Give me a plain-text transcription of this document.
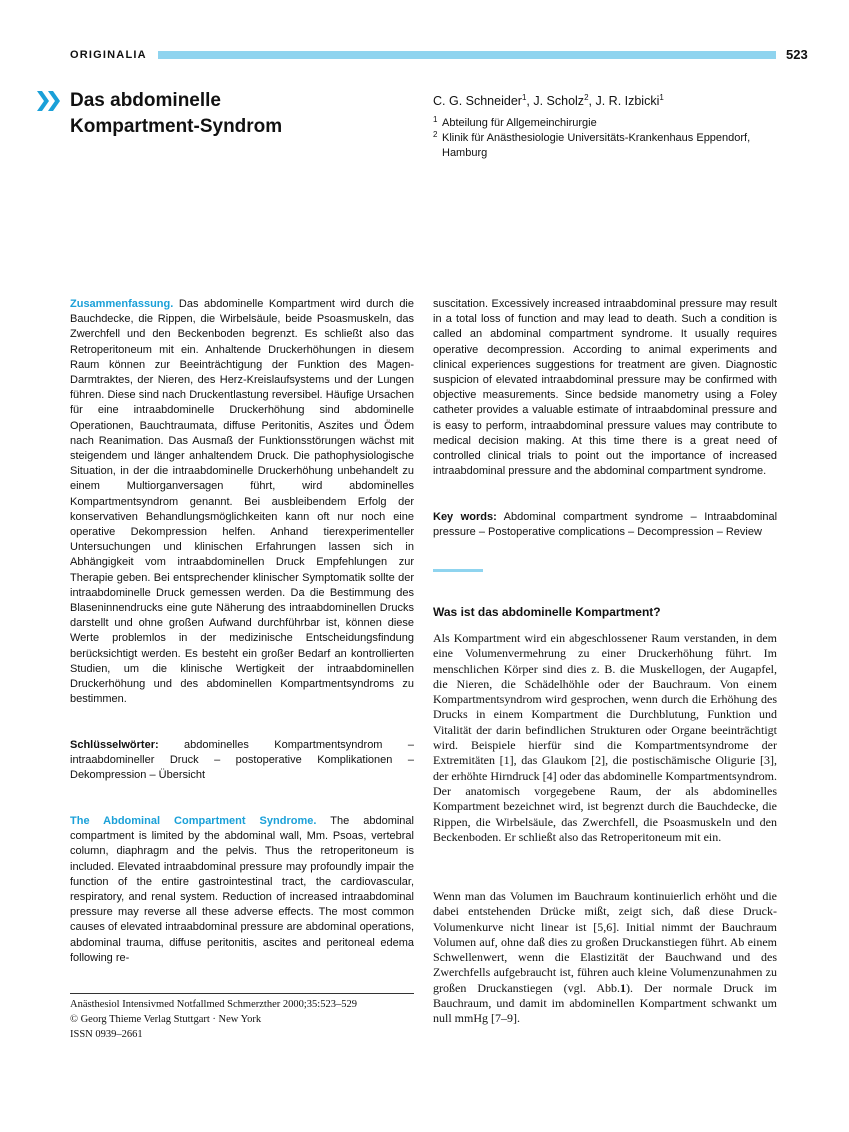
ORIGINALIA	523
Das abdominelle
Kompartment-Syndrom
C. G. Schneider$^1$, J. Scholz$^2$, J. R. Izbicki$^1$
1 Abteilung für Allgemeinchirurgie
2 Klinik für Anästhesiologie Universitäts-Krankenhaus Eppendorf, Hamburg

Zusammenfassung. Das abdominelle Kompartment wird durch die Bauchdecke, die Rippen, die Wirbelsäule, beide Psoasmuskeln, das Zwerchfell und den Beckenboden begrenzt. Es schließt also das Retroperitoneum mit ein. Anhaltende Druckerhöhungen in diesem Raum können zur Beeinträchtigung der Funktion des Magen-Darmtraktes, der Nieren, des Herz-Kreislaufsystems und der Lungen führen. Diese sind nach Druckentlastung reversibel. Häufige Ursachen für eine intraabdominelle Druckerhöhung sind abdominelle Operationen, Bauchtraumata, diffuse Peritonitis, Aszites und Ödem nach Reanimation. Das Ausmaß der Funktionsstörungen wächst mit steigendem und länger anhaltendem Druck. Die pathophysiologische Situation, in der die intraabdominelle Druckerhöhung unbehandelt zu einem Multiorganversagen führt, wird abdominelles Kompartmentsyndrom genannt. Bei ausbleibendem Erfolg der konservativen Behandlungsmöglichkeiten kann oft nur noch eine operative Dekompression helfen. Anhand tierexperimenteller Untersuchungen und klinischen Erfahrungen lassen sich in Abhängigkeit vom intraabdominellen Druck Empfehlungen zur Therapie geben. Bei entsprechender klinischer Symptomatik sollte der intraabdominelle Druck gemessen werden. Da die Bestimmung des Blaseninnendrucks eine gute Näherung des intraabdominellen Drucks darstellt und ohne großen Aufwand durchführbar ist, können diese Werte problemlos in der medizinische Entscheidungsfindung berücksichtigt werden. Es besteht ein großer Bedarf an kontrollierten Studien, um die klinische Wertigkeit der intraabdominellen Druckerhöhung und des abdominellen Kompartmentsyndroms zu bestimmen.

Schlüsselwörter: abdominelles Kompartmentsyndrom – intraabdomineller Druck – postoperative Komplikationen – Dekompression – Übersicht

The Abdominal Compartment Syndrome. The abdominal compartment is limited by the abdominal wall, Mm. Psoas, vertebral column, diaphragm and the pelvis. Thus the retroperitoneum is included. Elevated intraabdominal pressure may profoundly impair the function of the entire gastrointestinal tract, the cardiovascular, respiratory, and renal system. Reduction of increased intraabdominal pressure may reverse all these adverse effects. The most common causes of elevated intraabdominal pressure are abdominal operations, abdominal trauma, diffuse peritonitis, ascites and peritoneal edema following re-

Anästhesiol Intensivmed Notfallmed Schmerzther 2000;35:523–529
© Georg Thieme Verlag Stuttgart · New York
ISSN 0939–2661

suscitation. Excessively increased intraabdominal pressure may result in a total loss of function and may lead to death. Such a condition is called an abdominal compartment syndrome. It usually requires operative decompression. According to animal experiments and clinical experiences suggestions for treatment are given. Diagnostic suspicion of elevated intraabdominal pressure may be confirmed with objective measurements. Since bedside manometry using a Foley catheter provides a valuable estimate of intraabdominal pressure and is easy to perform, intraabdominal pressure values may contribute to medical decision making. At this time there is a great need of controlled clinical trials to point out the importance of increased intraabdominal pressure and the abdominal compartment syndrome.

Key words: Abdominal compartment syndrome – Intraabdominal pressure – Postoperative complications – Decompression – Review

Was ist das abdominelle Kompartment?

Als Kompartment wird ein abgeschlossener Raum verstanden, in dem eine Volumenvermehrung zu einer Druckerhöhung führt. Im menschlichen Körper sind dies z. B. die Muskellogen, der Augapfel, die Nieren, die Schädelhöhle oder der Bauchraum. Von einem Kompartmentsyndrom wird gesprochen, wenn durch die Erhöhung des Drucks in einem Kompartment die Durchblutung, Funktion und Vitalität der darin befindlichen Strukturen oder Organe beeinträchtigt wird. Beispiele hierfür sind die Kompartmentsyndrome der Extremitäten [1], das Glaukom [2], die postischämische Oligurie [3], der erhöhte Hirndruck [4] oder das abdominelle Kompartmentsyndrom. Der anatomisch vorgegebene Raum, der als abdominelles Kompartment bezeichnet wird, ist begrenzt durch die Bauchdecke, die Rippen, die Wirbelsäule, das Zwerchfell, die Psoasmuskeln und den Beckenboden. Er schließt also das Retroperitoneum mit ein.

Wenn man das Volumen im Bauchraum kontinuierlich erhöht und die dabei entstehenden Drücke mißt, zeigt sich, daß diese Druck-Volumenkurve nicht linear ist [5,6]. Initial nimmt der Bauchraum Volumen auf, ohne daß dies zu großen Druckanstiegen führt. Ab einem Schwellenwert, wenn die Elastizität der Bauchwand und des Zwerchfells aufgebraucht ist, führen auch kleine Volumenzunahmen zu großen Druckanstiegen (vgl. Abb.1). Der normale Druck im Bauchraum, und damit im abdominellen Kompartment schwankt um null mmHg [7–9].
